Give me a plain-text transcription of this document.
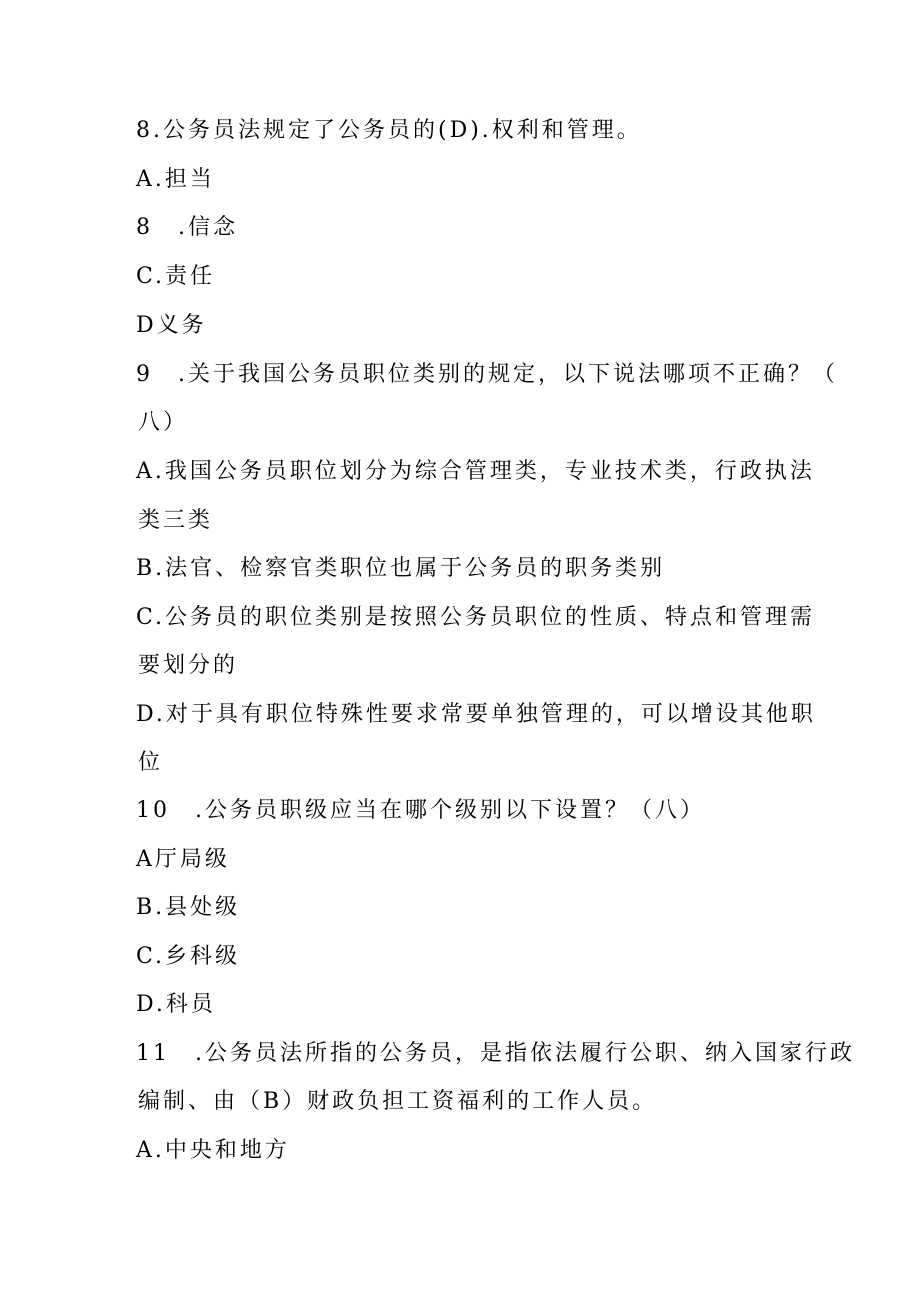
8.公务员法规定了公务员的(D).权利和管理。
A.担当
8 .信念
C.责任
D义务
9 .关于我国公务员职位类别的规定，以下说法哪项不正确？（
八）
A.我国公务员职位划分为综合管理类，专业技术类，行政执法
类三类
B.法官、检察官类职位也属于公务员的职务类别
C.公务员的职位类别是按照公务员职位的性质、特点和管理需
要划分的
D.对于具有职位特殊性要求常要单独管理的，可以增设其他职
位
10 .公务员职级应当在哪个级别以下设置？（八）
A厅局级
B.县处级
C.乡科级
D.科员
11 .公务员法所指的公务员，是指依法履行公职、纳入国家行政
编制、由（B）财政负担工资福利的工作人员。
A.中央和地方
